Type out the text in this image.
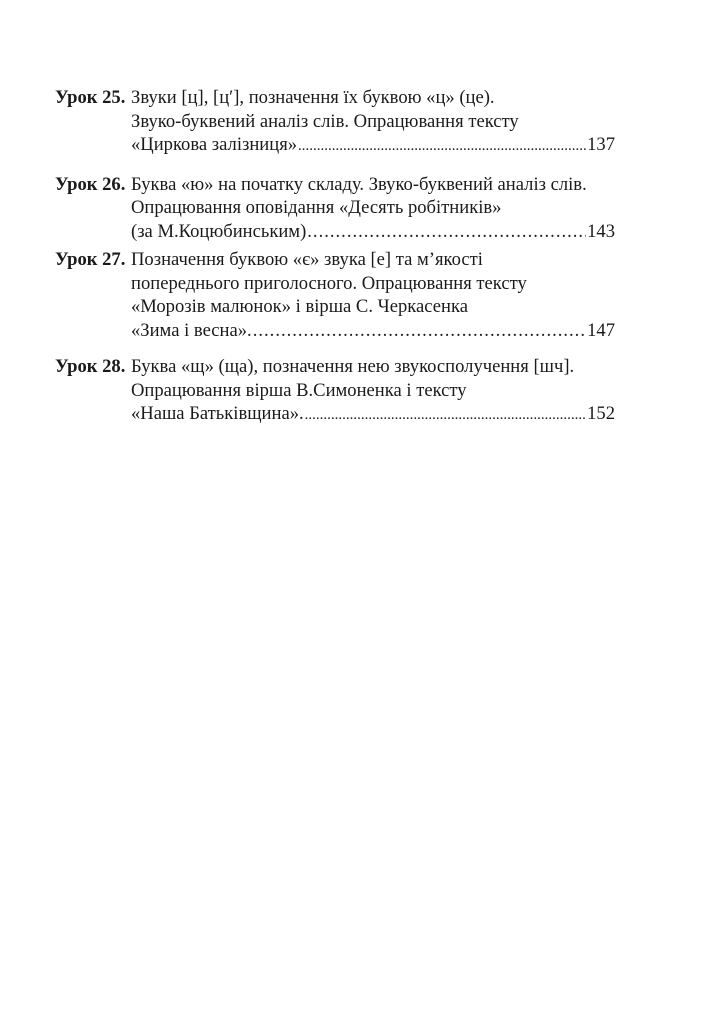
Урок 25. Звуки [ц], [ц′], позначення їх буквою «ц» (це).
Звуко-буквений аналіз слів. Опрацювання тексту
«Циркова залізниця» .....	137
Урок 26. Буква «ю» на початку складу. Звуко-буквений аналіз слів.
Опрацювання оповідання «Десять робітників»
(за М.Коцюбинським) .....	143
Урок 27. Позначення буквою «є» звука [е] та м’якості
попереднього приголосного. Опрацювання тексту
«Морозів малюнок» і вірша С. Черкасенка
«Зима і весна». .....	147
Урок 28. Буква «щ» (ща), позначення нею звукосполучення [шч].
Опрацювання вірша В.Симоненка і тексту
«Наша Батьківщина». .....	152
